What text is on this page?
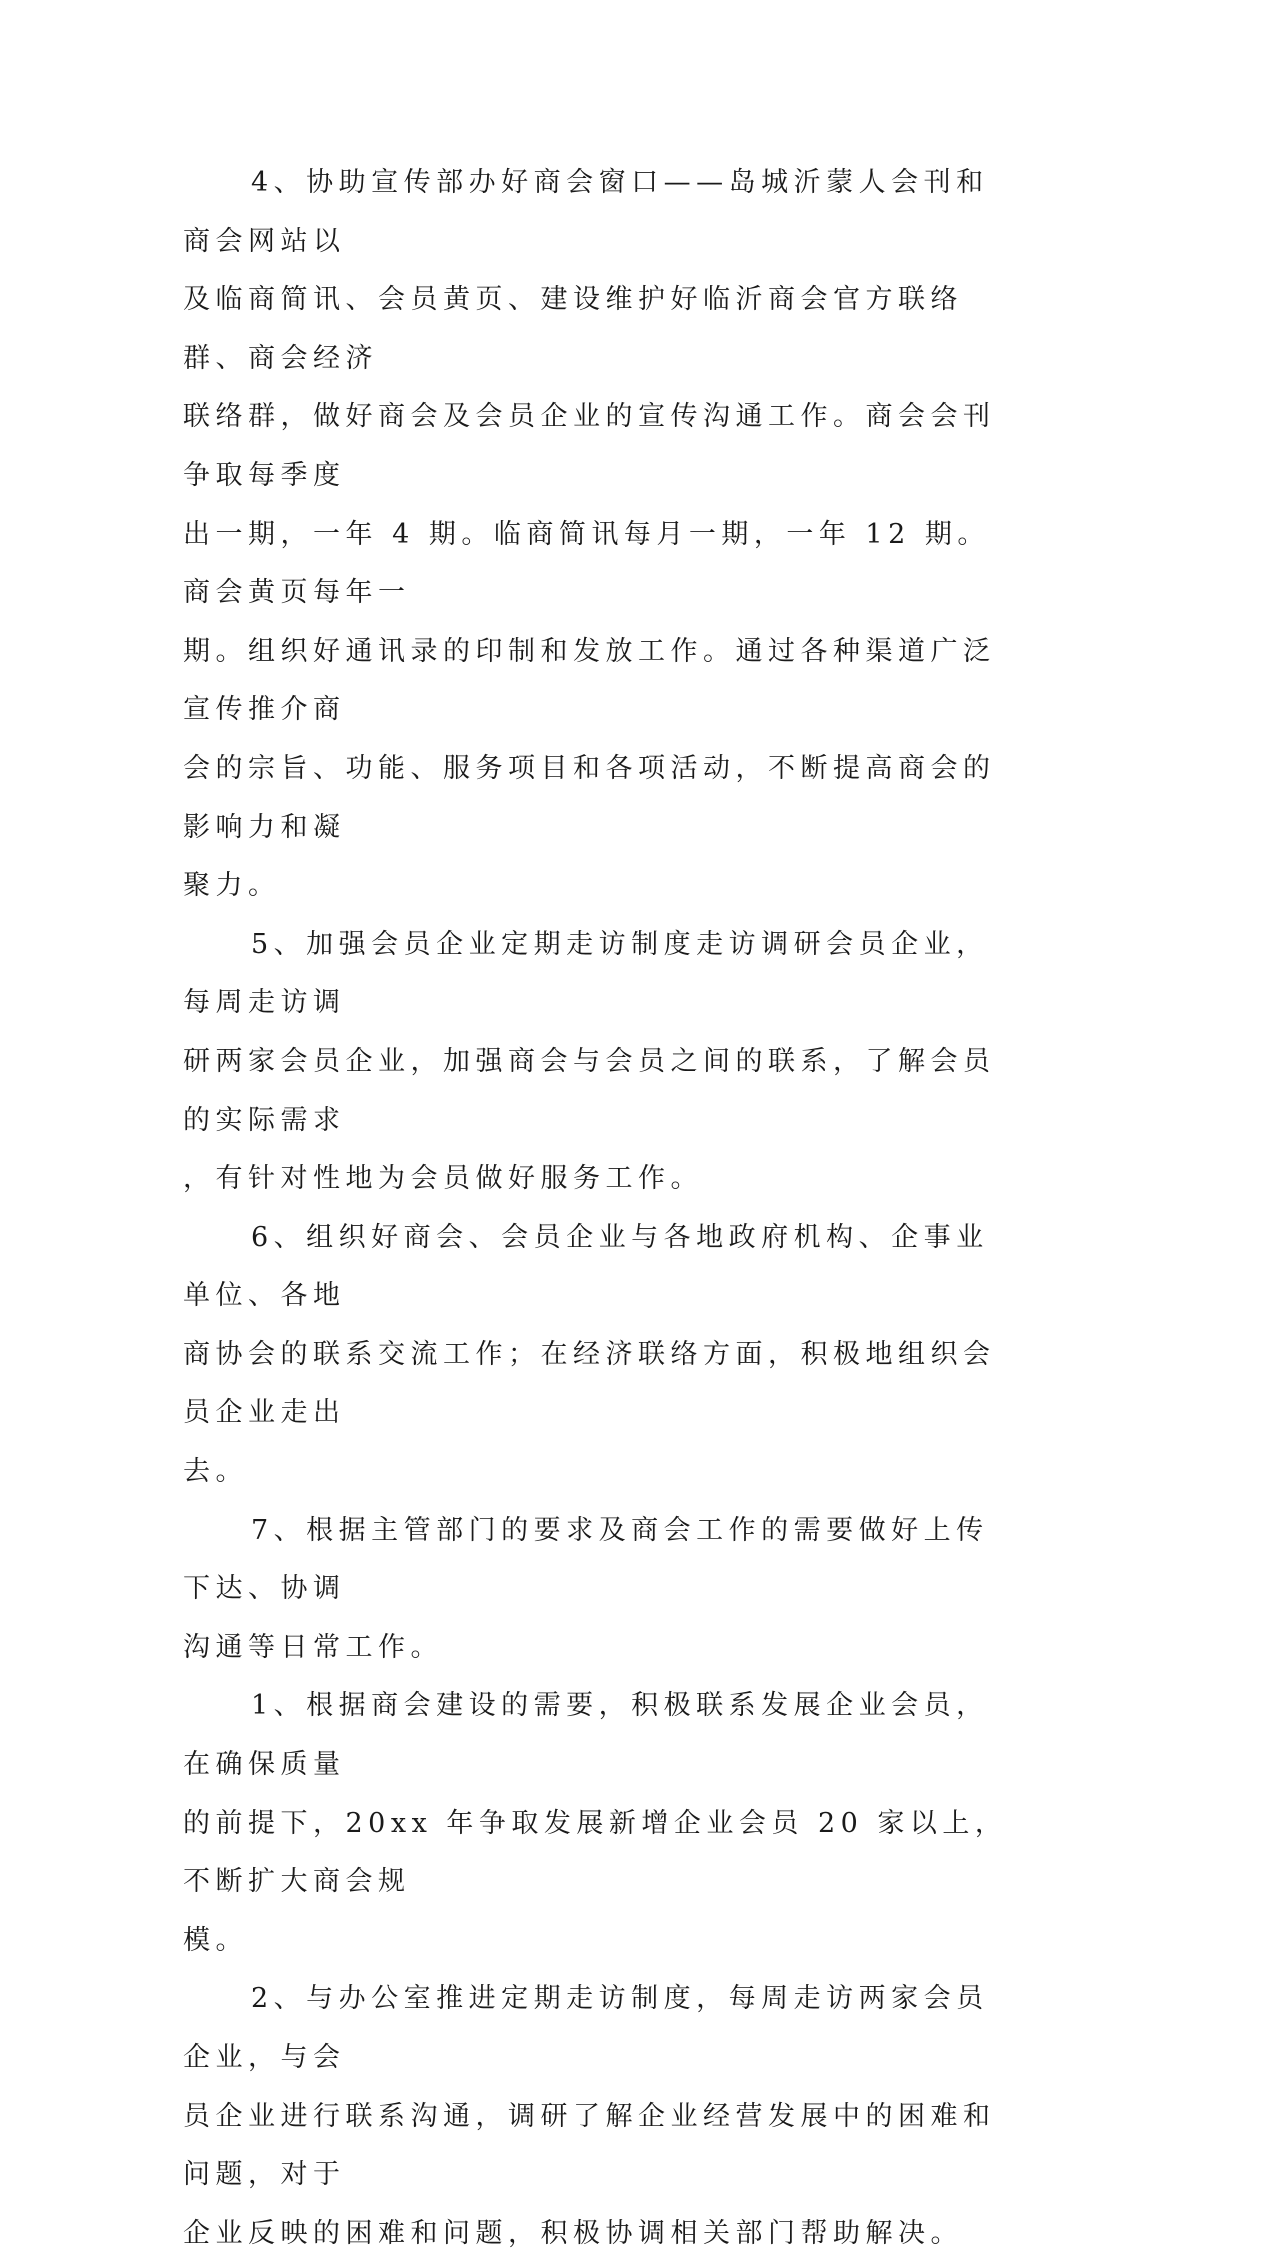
4、协助宣传部办好商会窗口——岛城沂蒙人会刊和商会网站以
及临商简讯、会员黄页、建设维护好临沂商会官方联络群、商会经济
联络群，做好商会及会员企业的宣传沟通工作。商会会刊争取每季度
出一期，一年 4 期。临商简讯每月一期，一年 12 期。商会黄页每年一
期。组织好通讯录的印制和发放工作。通过各种渠道广泛宣传推介商
会的宗旨、功能、服务项目和各项活动，不断提高商会的影响力和凝
聚力。

5、加强会员企业定期走访制度走访调研会员企业，每周走访调
研两家会员企业，加强商会与会员之间的联系，了解会员的实际需求
，有针对性地为会员做好服务工作。

6、组织好商会、会员企业与各地政府机构、企事业单位、各地
商协会的联系交流工作；在经济联络方面，积极地组织会员企业走出
去。

7、根据主管部门的要求及商会工作的需要做好上传下达、协调
沟通等日常工作。

1、根据商会建设的需要，积极联系发展企业会员，在确保质量
的前提下，20xx 年争取发展新增企业会员 20 家以上，不断扩大商会规
模。

2、与办公室推进定期走访制度，每周走访两家会员企业，与会
员企业进行联系沟通，调研了解企业经营发展中的困难和问题，对于
企业反映的困难和问题，积极协调相关部门帮助解决。
